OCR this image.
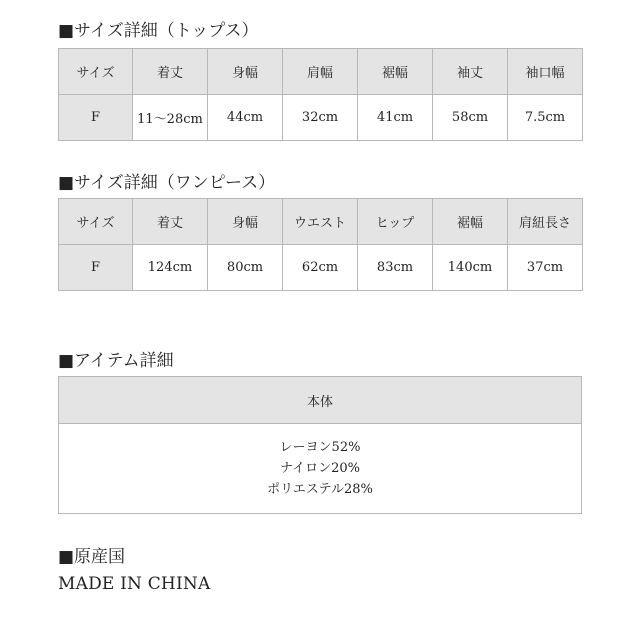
■サイズ詳細（トップス）
サイズ	着丈	身幅	肩幅	裾幅	袖丈	袖口幅
F	11〜28cm	44cm	32cm	41cm	58cm	7.5cm
■サイズ詳細（ワンピース）
サイズ	着丈	身幅	ウエスト	ヒップ	裾幅	肩紐長さ
F	124cm	80cm	62cm	83cm	140cm	37cm
■アイテム詳細
本体
レーヨン52%
ナイロン20%
ポリエステル28%
■原産国
MADE IN CHINA
